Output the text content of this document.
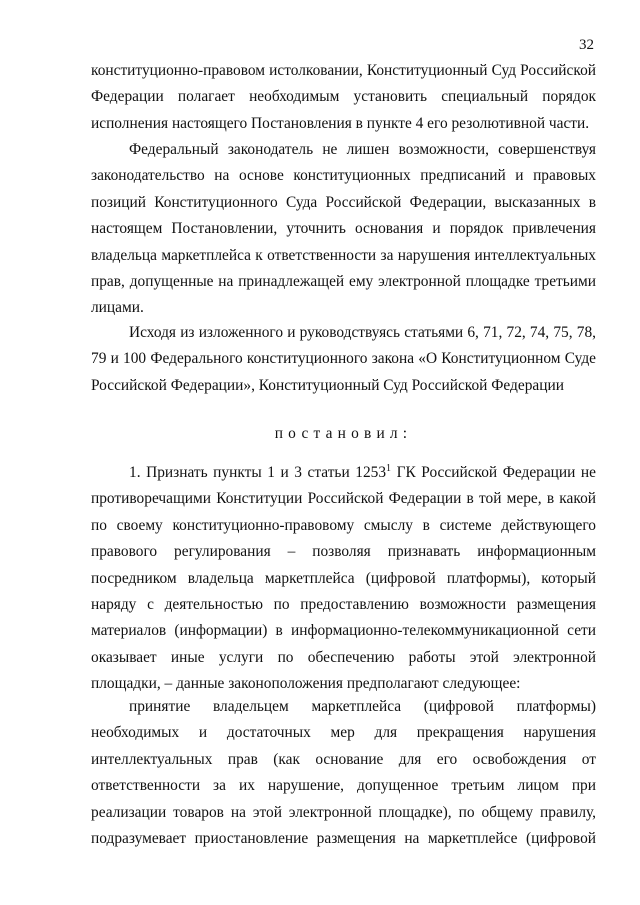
32
конституционно-правовом истолковании, Конституционный Суд Российской
Федерации полагает необходимым установить специальный порядок
исполнения настоящего Постановления в пункте 4 его резолютивной части.
Федеральный законодатель не лишен возможности, совершенствуя
законодательство на основе конституционных предписаний и правовых
позиций Конституционного Суда Российской Федерации, высказанных в
настоящем Постановлении, уточнить основания и порядок привлечения
владельца маркетплейса к ответственности за нарушения интеллектуальных
прав, допущенные на принадлежащей ему электронной площадке третьими
лицами.
Исходя из изложенного и руководствуясь статьями 6, 71, 72, 74, 75, 78,
79 и 100 Федерального конституционного закона «О Конституционном Суде
Российской Федерации», Конституционный Суд Российской Федерации
постановил:
1. Признать пункты 1 и 3 статьи 1253$^1$ ГК Российской Федерации не
противоречащими Конституции Российской Федерации в той мере, в какой
по своему конституционно-правовому смыслу в системе действующего
правового регулирования – позволяя признавать информационным
посредником владельца маркетплейса (цифровой платформы), который
наряду с деятельностью по предоставлению возможности размещения
материалов (информации) в информационно-телекоммуникационной сети
оказывает иные услуги по обеспечению работы этой электронной
площадки, – данные законоположения предполагают следующее:
принятие владельцем маркетплейса (цифровой платформы)
необходимых и достаточных мер для прекращения нарушения
интеллектуальных прав (как основание для его освобождения от
ответственности за их нарушение, допущенное третьим лицом при
реализации товаров на этой электронной площадке), по общему правилу,
подразумевает приостановление размещения на маркетплейсе (цифровой
